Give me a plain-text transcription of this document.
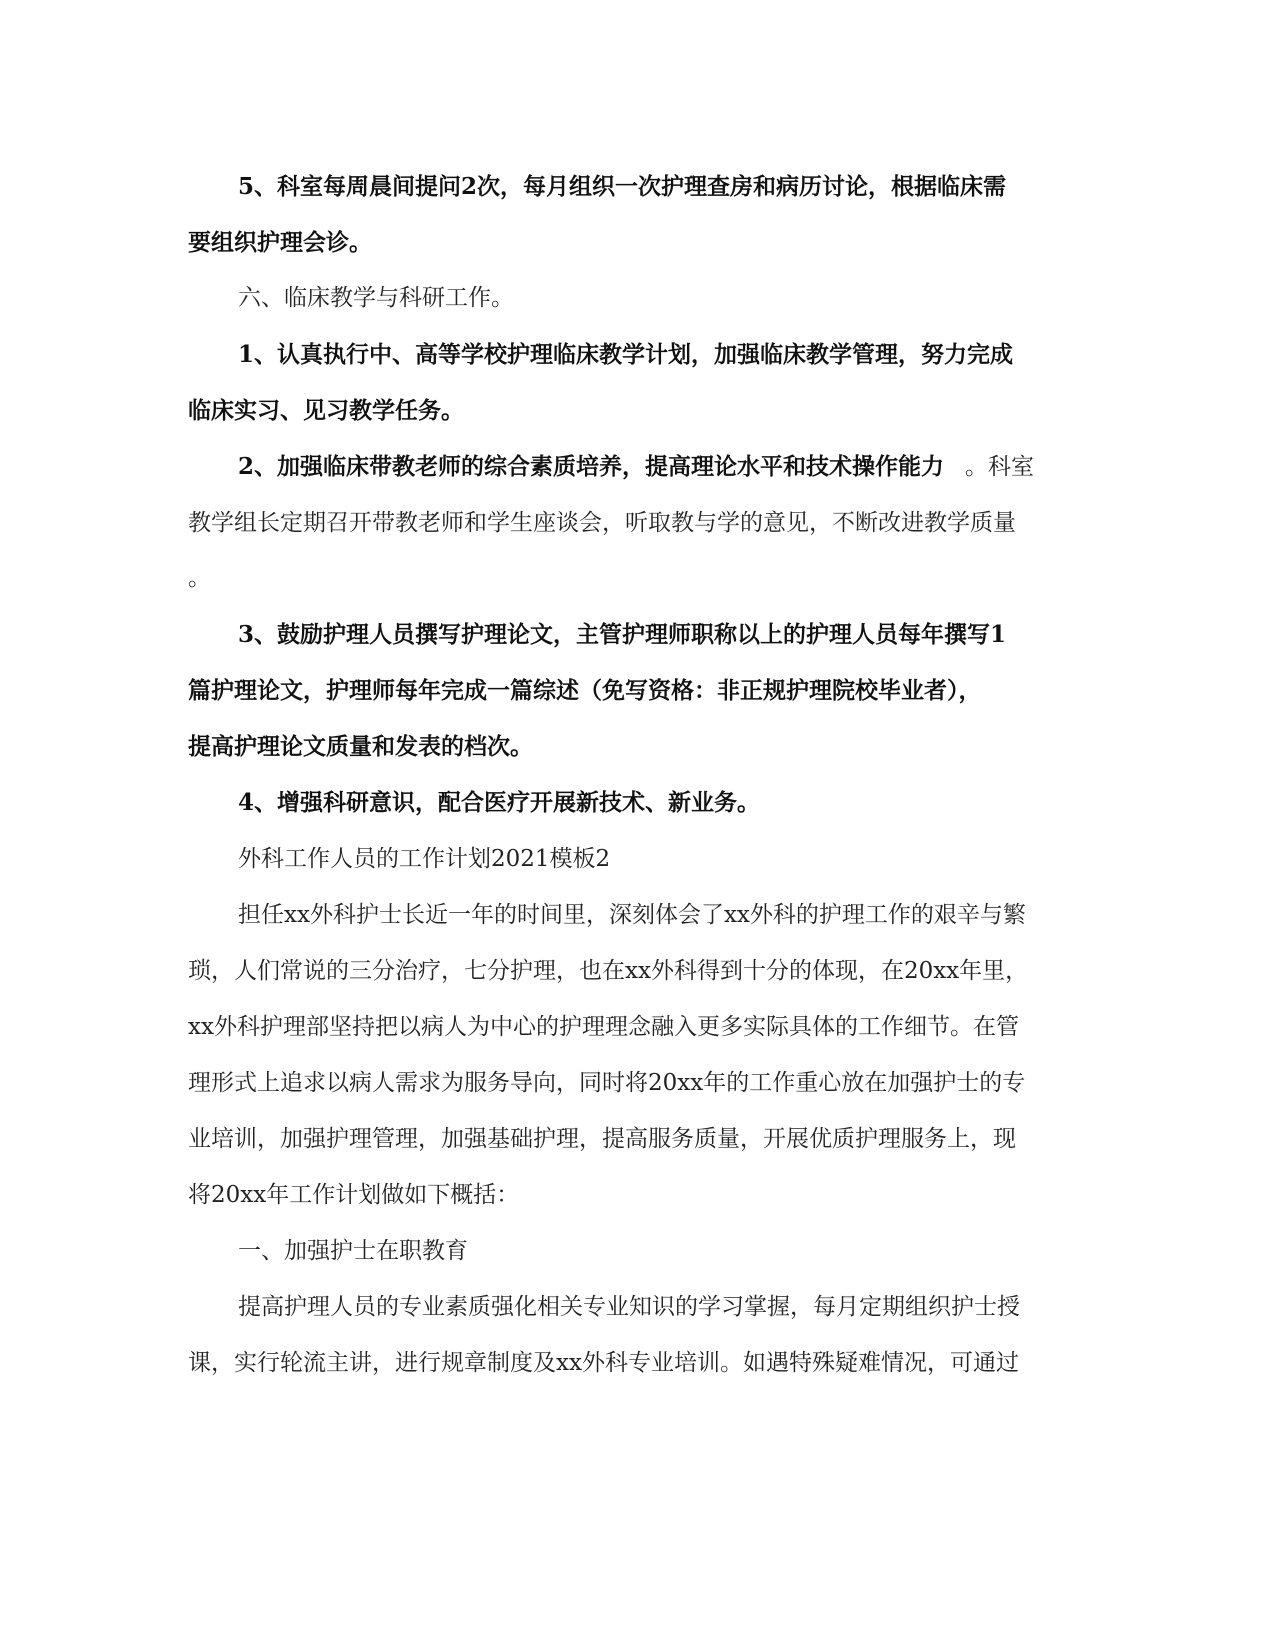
5、科室每周晨间提问2次，每月组织一次护理查房和病历讨论，根据临床需
要组织护理会诊。
六、临床教学与科研工作。
1、认真执行中、高等学校护理临床教学计划，加强临床教学管理，努力完成
临床实习、见习教学任务。
2、加强临床带教老师的综合素质培养，提高理论水平和技术操作能力 。科室
教学组长定期召开带教老师和学生座谈会，听取教与学的意见，不断改进教学质量
。
3、鼓励护理人员撰写护理论文，主管护理师职称以上的护理人员每年撰写1
篇护理论文，护理师每年完成一篇综述（免写资格：非正规护理院校毕业者），
提高护理论文质量和发表的档次。
4、增强科研意识，配合医疗开展新技术、新业务。
外科工作人员的工作计划2021模板2
担任xx外科护士长近一年的时间里，深刻体会了xx外科的护理工作的艰辛与繁
琐，人们常说的三分治疗，七分护理，也在xx外科得到十分的体现，在20xx年里，
xx外科护理部坚持把以病人为中心的护理理念融入更多实际具体的工作细节。在管
理形式上追求以病人需求为服务导向，同时将20xx年的工作重心放在加强护士的专
业培训，加强护理管理，加强基础护理，提高服务质量，开展优质护理服务上，现
将20xx年工作计划做如下概括：
一、加强护士在职教育
提高护理人员的专业素质强化相关专业知识的学习掌握，每月定期组织护士授
课，实行轮流主讲，进行规章制度及xx外科专业培训。如遇特殊疑难情况，可通过
